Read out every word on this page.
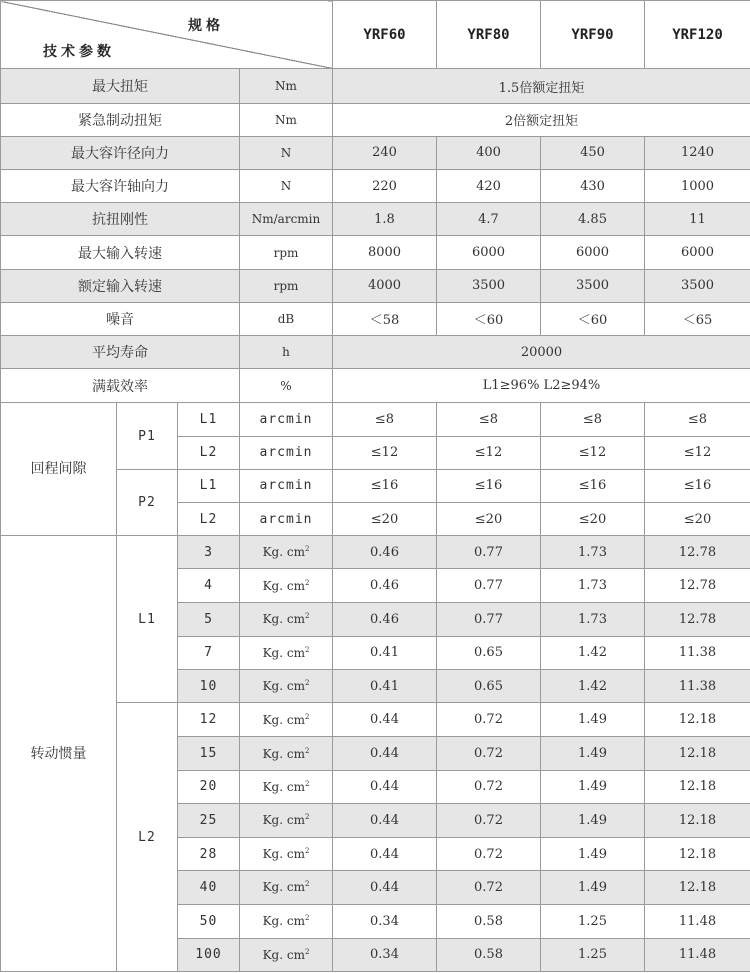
规格
技术参数				YRF60	YRF80	YRF90	YRF120
最大扭矩			Nm	1.5倍额定扭矩			
紧急制动扭矩			Nm	2倍额定扭矩			
最大容许径向力			N	240	400	450	1240
最大容许轴向力			N	220	420	430	1000
抗扭刚性			Nm/arcmin	1.8	4.7	4.85	11
最大输入转速			rpm	8000	6000	6000	6000
额定输入转速			rpm	4000	3500	3500	3500
噪音			dB	＜58	＜60	＜60	＜65
平均寿命			h	20000			
满载效率			%	L1≥96% L2≥94%			
回程间隙	P1	L1	arcmin	≤8	≤8	≤8	≤8
		L2	arcmin	≤12	≤12	≤12	≤12
	P2	L1	arcmin	≤16	≤16	≤16	≤16
		L2	arcmin	≤20	≤20	≤20	≤20
转动惯量	L1	3	Kg. $cm^2$	0.46	0.77	1.73	12.78
		4	Kg. $cm^2$	0.46	0.77	1.73	12.78
		5	Kg. $cm^2$	0.46	0.77	1.73	12.78
		7	Kg. $cm^2$	0.41	0.65	1.42	11.38
		10	Kg. $cm^2$	0.41	0.65	1.42	11.38
	L2	12	Kg. $cm^2$	0.44	0.72	1.49	12.18
		15	Kg. $cm^2$	0.44	0.72	1.49	12.18
		20	Kg. $cm^2$	0.44	0.72	1.49	12.18
		25	Kg. $cm^2$	0.44	0.72	1.49	12.18
		28	Kg. $cm^2$	0.44	0.72	1.49	12.18
		40	Kg. $cm^2$	0.44	0.72	1.49	12.18
		50	Kg. $cm^2$	0.34	0.58	1.25	11.48
		100	Kg. $cm^2$	0.34	0.58	1.25	11.48
